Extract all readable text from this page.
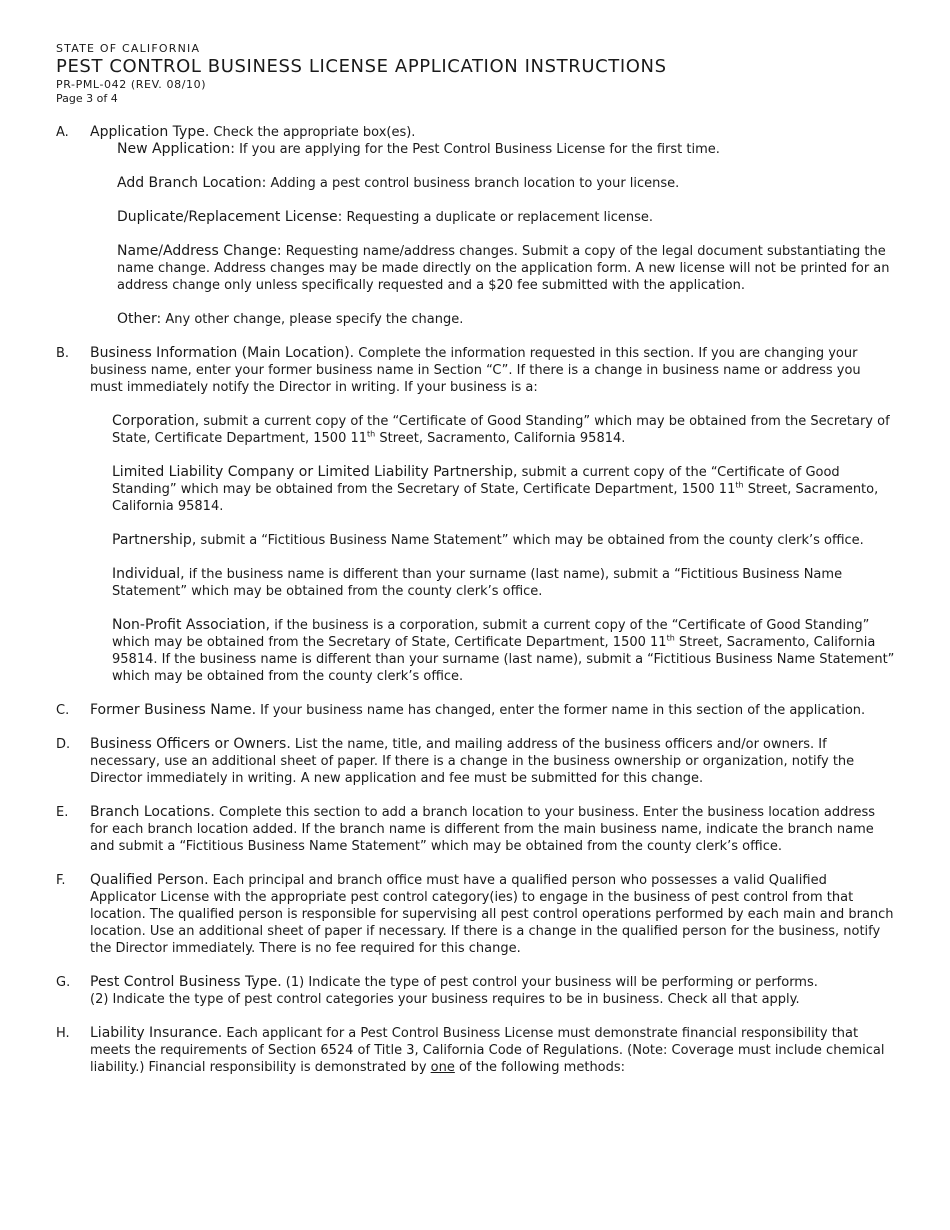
STATE OF CALIFORNIA
PEST CONTROL BUSINESS LICENSE APPLICATION INSTRUCTIONS
PR-PML-042 (REV. 08/10)
Page 3 of 4
A. Application Type. Check the appropriate box(es).
New Application: If you are applying for the Pest Control Business License for the first time.
Add Branch Location: Adding a pest control business branch location to your license.
Duplicate/Replacement License: Requesting a duplicate or replacement license.
Name/Address Change: Requesting name/address changes. Submit a copy of the legal document substantiating the name change. Address changes may be made directly on the application form. A new license will not be printed for an address change only unless specifically requested and a $20 fee submitted with the application.
Other: Any other change, please specify the change.
B. Business Information (Main Location). Complete the information requested in this section. If you are changing your business name, enter your former business name in Section “C”. If there is a change in business name or address you must immediately notify the Director in writing. If your business is a:
Corporation, submit a current copy of the “Certificate of Good Standing” which may be obtained from the Secretary of State, Certificate Department, 1500 11th Street, Sacramento, California 95814.
Limited Liability Company or Limited Liability Partnership, submit a current copy of the “Certificate of Good Standing” which may be obtained from the Secretary of State, Certificate Department, 1500 11th Street, Sacramento, California 95814.
Partnership, submit a “Fictitious Business Name Statement” which may be obtained from the county clerk’s office.
Individual, if the business name is different than your surname (last name), submit a “Fictitious Business Name Statement” which may be obtained from the county clerk’s office.
Non-Profit Association, if the business is a corporation, submit a current copy of the “Certificate of Good Standing” which may be obtained from the Secretary of State, Certificate Department, 1500 11th Street, Sacramento, California 95814. If the business name is different than your surname (last name), submit a “Fictitious Business Name Statement” which may be obtained from the county clerk’s office.
C. Former Business Name. If your business name has changed, enter the former name in this section of the application.
D. Business Officers or Owners. List the name, title, and mailing address of the business officers and/or owners. If necessary, use an additional sheet of paper. If there is a change in the business ownership or organization, notify the Director immediately in writing. A new application and fee must be submitted for this change.
E. Branch Locations. Complete this section to add a branch location to your business. Enter the business location address for each branch location added. If the branch name is different from the main business name, indicate the branch name and submit a “Fictitious Business Name Statement” which may be obtained from the county clerk’s office.
F. Qualified Person. Each principal and branch office must have a qualified person who possesses a valid Qualified Applicator License with the appropriate pest control category(ies) to engage in the business of pest control from that location. The qualified person is responsible for supervising all pest control operations performed by each main and branch location. Use an additional sheet of paper if necessary. If there is a change in the qualified person for the business, notify the Director immediately. There is no fee required for this change.
G. Pest Control Business Type. (1) Indicate the type of pest control your business will be performing or performs.
(2) Indicate the type of pest control categories your business requires to be in business. Check all that apply.
H. Liability Insurance. Each applicant for a Pest Control Business License must demonstrate financial responsibility that meets the requirements of Section 6524 of Title 3, California Code of Regulations. (Note: Coverage must include chemical liability.) Financial responsibility is demonstrated by one of the following methods:
